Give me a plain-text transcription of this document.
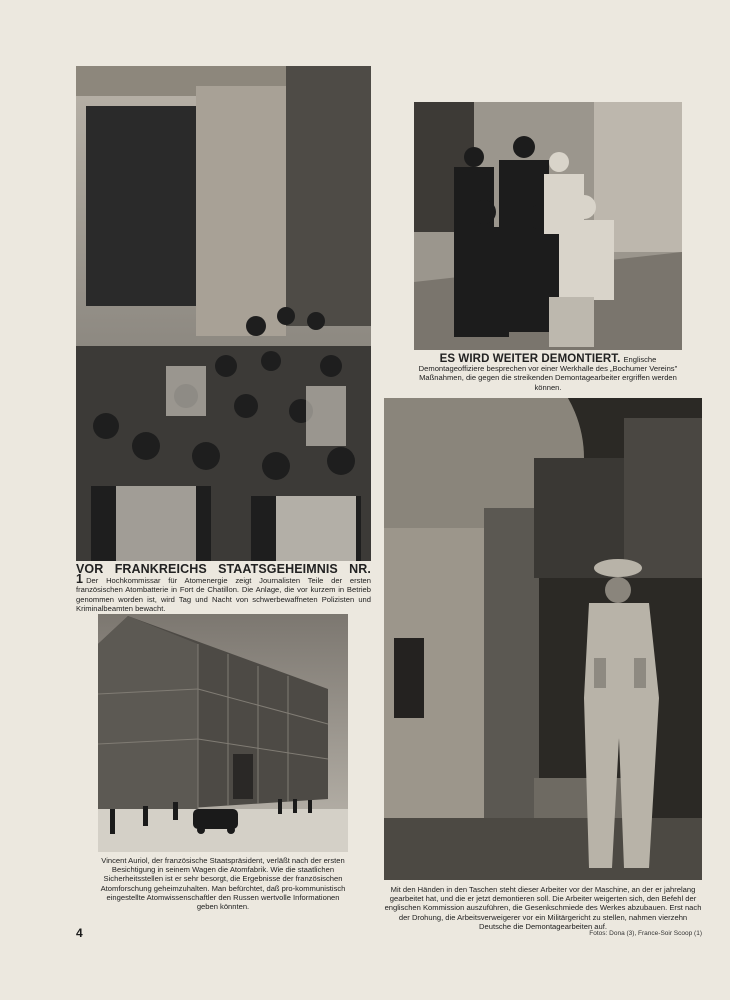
VOR FRANKREICHS STAATSGEHEIMNIS NR. 1 Der Hochkommissar für Atomenergie zeigt Journalisten Teile der ersten französischen Atombatterie in Fort de Chatillon. Die Anlage, die vor kurzem in Betrieb genommen worden ist, wird Tag und Nacht von schwerbewaffneten Polizisten und Kriminalbeamten bewacht.
ES WIRD WEITER DEMONTIERT. Englische Demontageoffiziere besprechen vor einer Werkhalle des „Bochumer Vereins" Maßnahmen, die gegen die streikenden Demontagearbeiter ergriffen werden können.
Vincent Auriol, der französische Staatspräsident, verläßt nach der ersten Besichtigung in seinem Wagen die Atomfabrik. Wie die staatlichen Sicherheitsstellen ist er sehr besorgt, die Ergebnisse der französischen Atomforschung geheimzuhalten. Man befürchtet, daß pro-kommunistisch eingestellte Atomwissenschaftler den Russen wertvolle Informationen geben könnten.
Mit den Händen in den Taschen steht dieser Arbeiter vor der Maschine, an der er jahrelang gearbeitet hat, und die er jetzt demontieren soll. Die Arbeiter weigerten sich, den Befehl der englischen Kommission auszuführen, die Gesenkschmiede des Werkes abzubauen. Erst nach der Drohung, die Arbeitsverweigerer vor ein Militärgericht zu stellen, nahmen vierzehn Deutsche die Demontagearbeiten auf.
4	Fotos: Dona (3), France-Soir Scoop (1)
